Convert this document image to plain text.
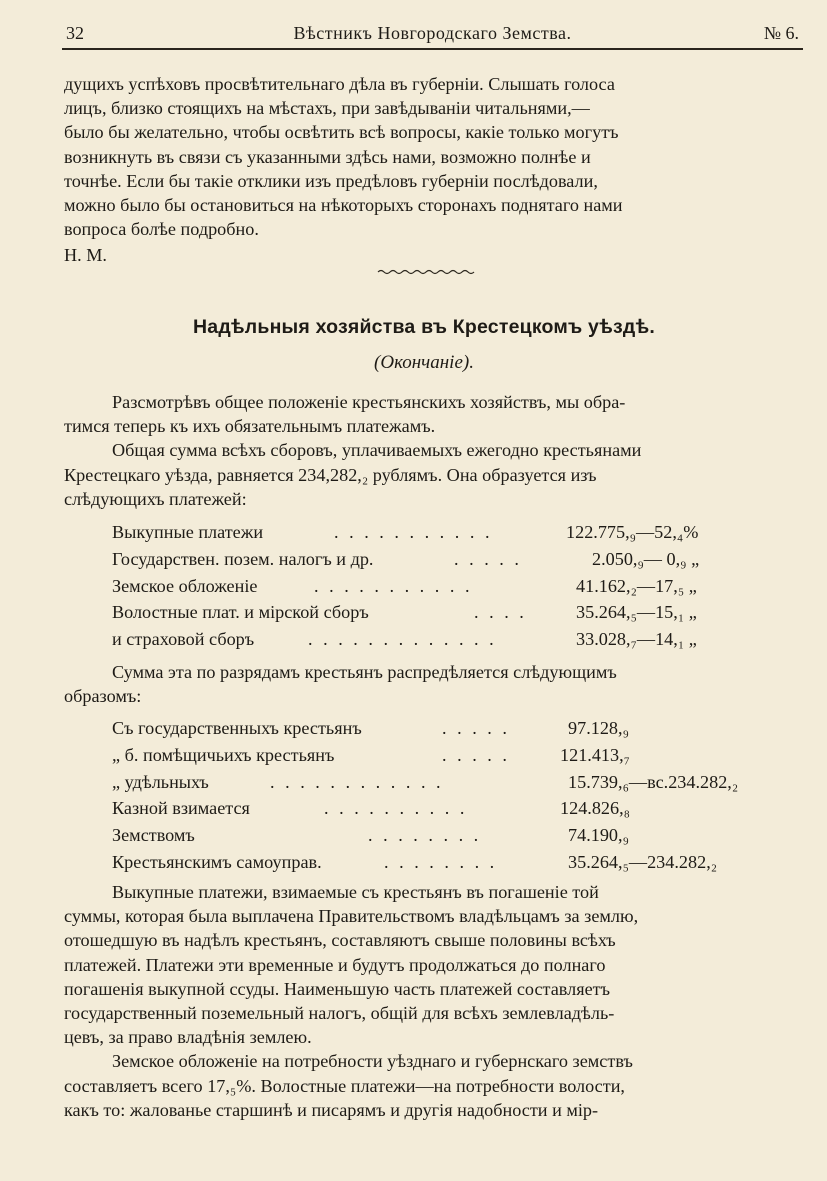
32	Вѣстникъ Новгородскаго Земства.	№ 6.

дущихъ успѣховъ просвѣтительнаго дѣла въ губерніи. Слышать голоса

лицъ, близко стоящихъ на мѣстахъ, при завѣдываніи читальнями,—

было бы желательно, чтобы освѣтить всѣ вопросы, какіе только могутъ

возникнуть въ связи съ указанными здѣсь нами, возможно полнѣе и

точнѣе. Если бы такіе отклики изъ предѣловъ губерніи послѣдовали,

можно было бы остановиться на нѣкоторыхъ сторонахъ поднятаго нами

вопроса болѣе подробно.

Н. М.

Надѣльныя хозяйства въ Крестецкомъ уѣздѣ.
(Окончаніе).

Разсмотрѣвъ общее положеніе крестьянскихъ хозяйствъ, мы обра-

тимся теперь къ ихъ обязательнымъ платежамъ.

Общая сумма всѣхъ сборовъ, уплачиваемыхъ ежегодно крестьянами

Крестецкаго уѣзда, равняется 234,282,₂ рублямъ. Она образуется изъ

слѣдующихъ платежей:

Выкупные платежи	. . . . . . . . . . .	122.775,₉—52,₄%
Государствен. позем. налогъ и др.	. . . . .	2.050,₉— 0,₉ „
Земское обложеніе	. . . . . . . . . . .	41.162,₂—17,₅ „
Волостные плат. и мірской сборъ	. . . .	35.264,₅—15,₁ „
и страховой сборъ	. . . . . . . . . . . . .	33.028,₇—14,₁ „

Сумма эта по разрядамъ крестьянъ распредѣляется слѣдующимъ

образомъ:

Съ государственныхъ крестьянъ	. . . . .	97.128,₉
„ б. помѣщичьихъ крестьянъ	. . . . .	121.413,₇
„ удѣльныхъ	. . . . . . . . . . . .	15.739,₆—вс.234.282,₂
Казной взимается	. . . . . . . . . .	124.826,₈
Земствомъ	. . . . . . . .	74.190,₉
Крестьянскимъ самоуправ.	. . . . . . . .	35.264,₅—234.282,₂

Выкупные платежи, взимаемые съ крестьянъ въ погашеніе той

суммы, которая была выплачена Правительствомъ владѣльцамъ за землю,

отошедшую въ надѣлъ крестьянъ, составляютъ свыше половины всѣхъ

платежей. Платежи эти временные и будутъ продолжаться до полнаго

погашенія выкупной ссуды. Наименьшую часть платежей составляетъ

государственный поземельный налогъ, общій для всѣхъ землевладѣль-

цевъ, за право владѣнія землею.

Земское обложеніе на потребности уѣзднаго и губернскаго земствъ

составляетъ всего 17,₅%. Волостные платежи—на потребности волости,

какъ то: жалованье старшинѣ и писарямъ и другія надобности и мір-
